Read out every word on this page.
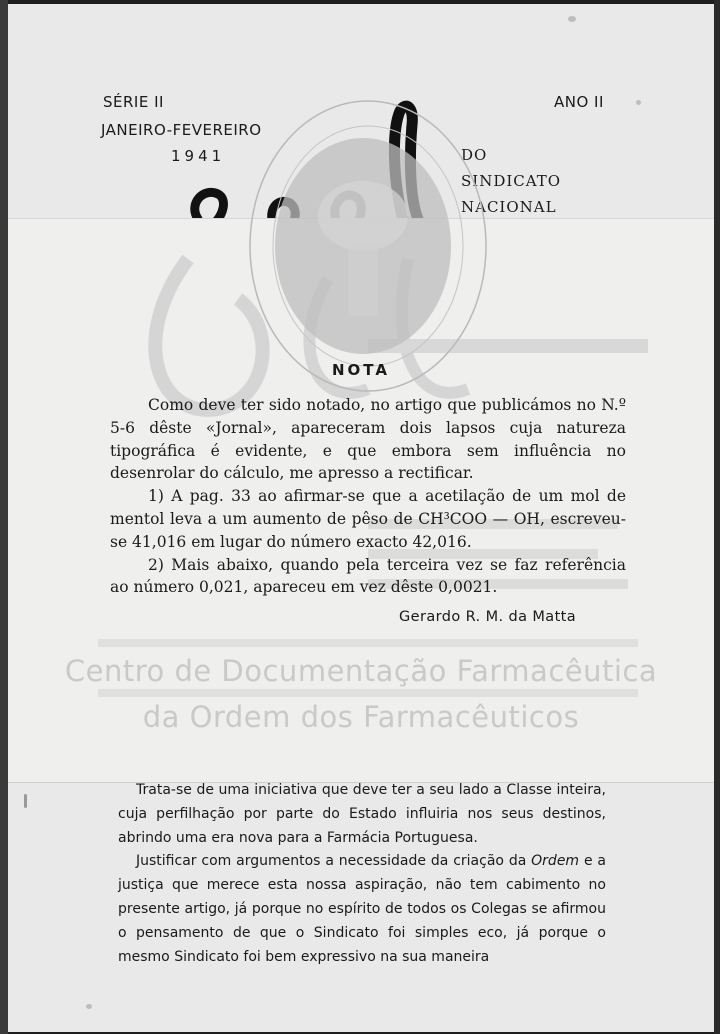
SÉRIE II
JANEIRO-FEVEREIRO
1941
ANO II
DO
SINDICATO
NACIONAL
NOTA

Como deve ter sido notado, no artigo que publicámos no N.º 5-6 dêste «Jornal», apareceram dois lapsos cuja natureza tipográfica é evidente, e que embora sem influência no desenrolar do cálculo, me apresso a rectificar.

1) A pag. 33 ao afirmar-se que a acetilação de um mol de mentol leva a um aumento de pêso de CH³COO — OH, escreveu-se 41,016 em lugar do número exacto 42,016.

2) Mais abaixo, quando pela terceira vez se faz referência ao número 0,021, apareceu em vez dêste 0,0021.

Gerardo R. M. da Matta
Centro de Documentação Farmacêutica
da Ordem dos Farmacêuticos

Trata-se de uma iniciativa que deve ter a seu lado a Classe inteira, cuja perfilhação por parte do Estado influiria nos seus destinos, abrindo uma era nova para a Farmácia Portuguesa.

Justificar com argumentos a necessidade da criação da Ordem e a justiça que merece esta nossa aspiração, não tem cabimento no presente artigo, já porque no espírito de todos os Colegas se afirmou o pensamento de que o Sindicato foi simples eco, já porque o mesmo Sindicato foi bem expressivo na sua maneira
